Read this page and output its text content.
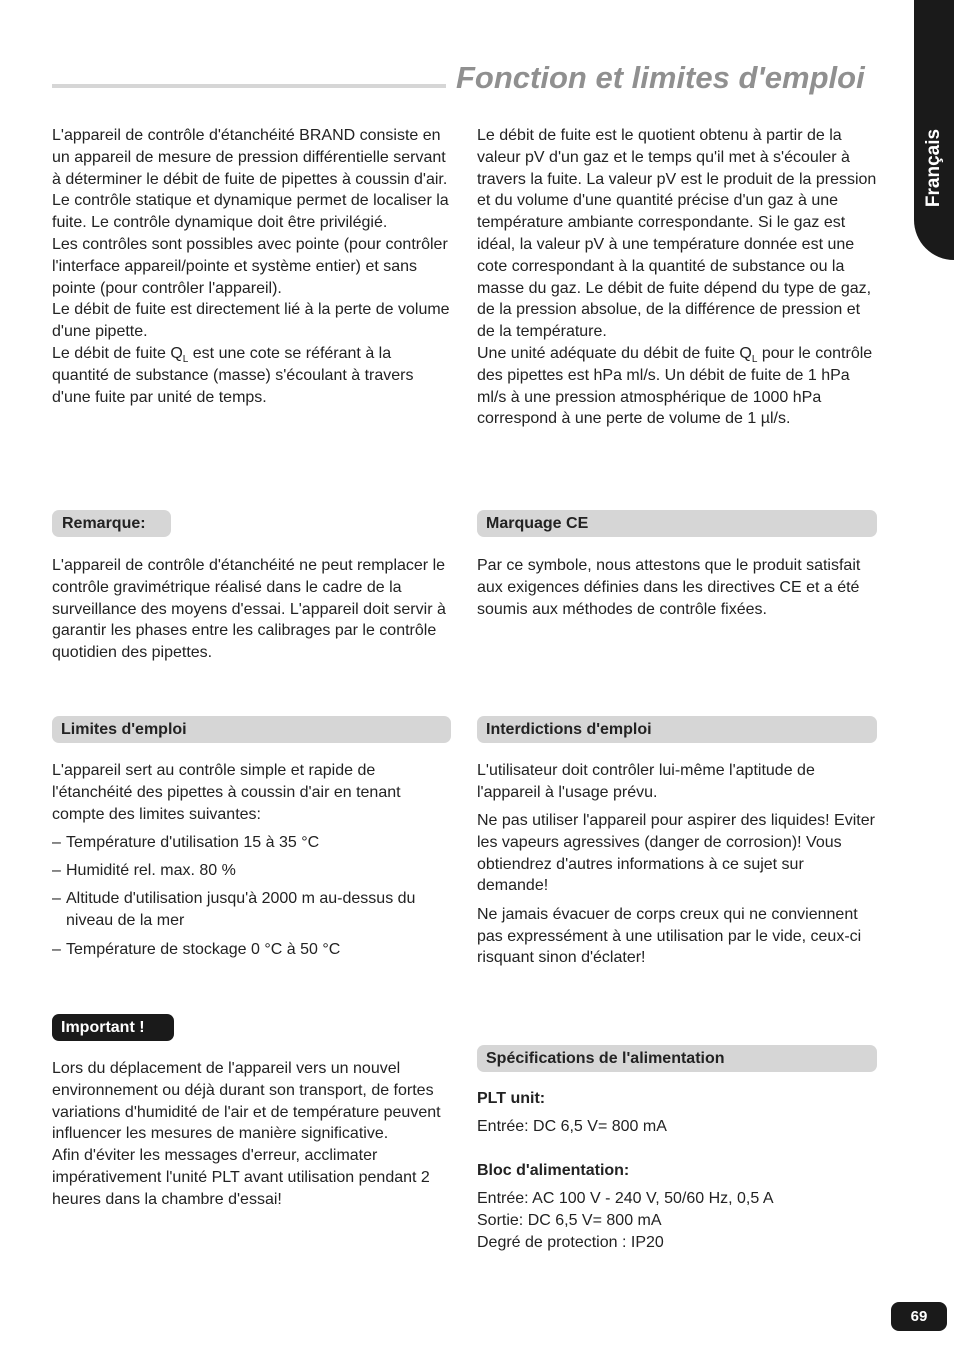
Fonction et limites d'emploi
Français

L'appareil de contrôle d'étanchéité BRAND consiste en un appareil de mesure de pression différentielle servant à déterminer le débit de fuite de pipettes à coussin d'air. Le contrôle statique et dynamique permet de localiser la fuite. Le contrôle dynamique doit être privilégié.

Les contrôles sont possibles avec pointe (pour contrôler l'interface appareil/pointe et système entier) et sans pointe (pour contrôler l'appareil).

Le débit de fuite est directement lié à la perte de volume d'une pipette.

Le débit de fuite $Q_L$ est une cote se référant à la quantité de substance (masse) s'écoulant à travers d'une fuite par unité de temps.

Remarque:

L'appareil de contrôle d'étanchéité ne peut remplacer le contrôle gravimétrique réalisé dans le cadre de la surveillance des moyens d'essai. L'appareil doit servir à garantir les phases entre les calibrages par le contrôle quotidien des pipettes.

Limites d'emploi

L'appareil sert au contrôle simple et rapide de l'étanchéité des pipettes à coussin d'air en tenant compte des limites suivantes:

– Température d'utilisation 15 à 35 °C
– Humidité rel. max. 80 %
– Altitude d'utilisation jusqu'à 2000 m au-dessus du niveau de la mer
– Température de stockage 0 °C à 50 °C
Important !

Lors du déplacement de l'appareil vers un nouvel environnement ou déjà durant son transport, de fortes variations d'humidité de l'air et de température peuvent influencer les mesures de manière significative.

Afin d'éviter les messages d'erreur, acclimater impérativement l'unité PLT avant utilisation pendant 2 heures dans la chambre d'essai!

Le débit de fuite est le quotient obtenu à partir de la valeur pV d'un gaz et le temps qu'il met à s'écouler à travers la fuite. La valeur pV est le produit de la pression et du volume d'une quantité précise d'un gaz à une température ambiante correspondante. Si le gaz est idéal, la valeur pV à une température donnée est une cote correspondant à la quantité de substance ou la masse du gaz. Le débit de fuite dépend du type de gaz, de la pression absolue, de la différence de pression et de la température.

Une unité adéquate du débit de fuite $Q_L$ pour le contrôle des pipettes est hPa ml/s. Un débit de fuite de 1 hPa ml/s à une pression atmosphérique de 1000 hPa correspond à une perte de volume de 1 µl/s.

Marquage CE

Par ce symbole, nous attestons que le produit satisfait aux exigences définies dans les directives CE et a été soumis aux méthodes de contrôle fixées.

Interdictions d'emploi

L'utilisateur doit contrôler lui-même l'aptitude de l'appareil à l'usage prévu.

Ne pas utiliser l'appareil pour aspirer des liquides! Eviter les vapeurs agressives (danger de corrosion)! Vous obtiendrez d'autres informations à ce sujet sur demande!

Ne jamais évacuer de corps creux qui ne conviennent pas expressément à une utilisation par le vide, ceux-ci risquant sinon d'éclater!

Spécifications de l'alimentation

PLT unit:

Entrée: DC 6,5 V= 800 mA

Bloc d'alimentation:

Entrée: AC 100 V - 240 V, 50/60 Hz, 0,5 A

Sortie: DC 6,5 V= 800 mA

Degré de protection : IP20

69
